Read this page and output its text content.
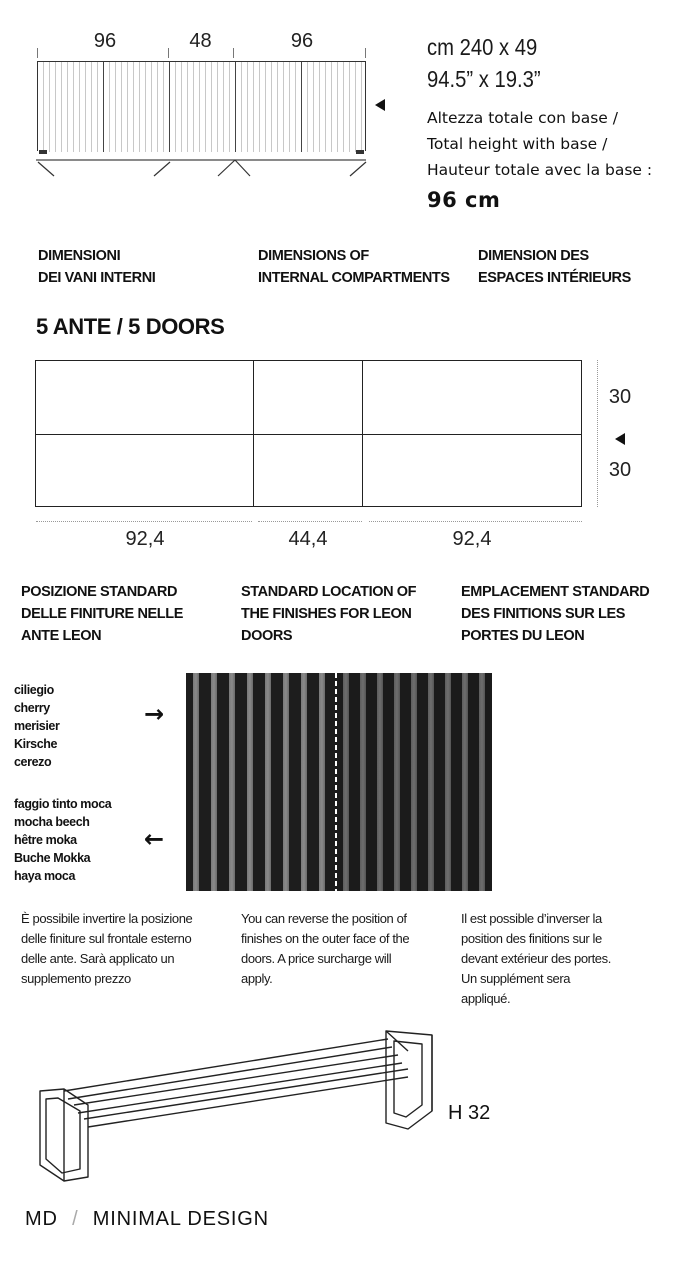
96	48	96	cm 240 x 49
94.5” x 19.3”
Altezza totale con base /
Total height with base /
Hauteur totale avec la base :
96 cm
DIMENSIONI
DEI VANI INTERNI
DIMENSIONS OF
INTERNAL COMPARTMENTS
DIMENSION DES
ESPACES INTÉRIEURS
5 ANTE / 5 DOORS
30
30
92,4	44,4	92,4
POSIZIONE STANDARD
DELLE FINITURE NELLE
ANTE LEON
STANDARD LOCATION OF
THE FINISHES FOR LEON
DOORS
EMPLACEMENT STANDARD
DES FINITIONS SUR LES
PORTES DU LEON
ciliegio
cherry
merisier
Kirsche
cerezo
→
faggio tinto moca
mocha beech
hêtre moka
Buche Mokka
haya moca
←
È possibile invertire la posizione
delle finiture sul frontale esterno
delle ante. Sarà applicato un
supplemento prezzo
You can reverse the position of
finishes on the outer face of the
doors. A price surcharge will
apply.
Il est possible d’inverser la
position des finitions sur le
devant extérieur des portes.
Un supplément sera
appliqué.
H 32
MD / MINIMAL DESIGN
